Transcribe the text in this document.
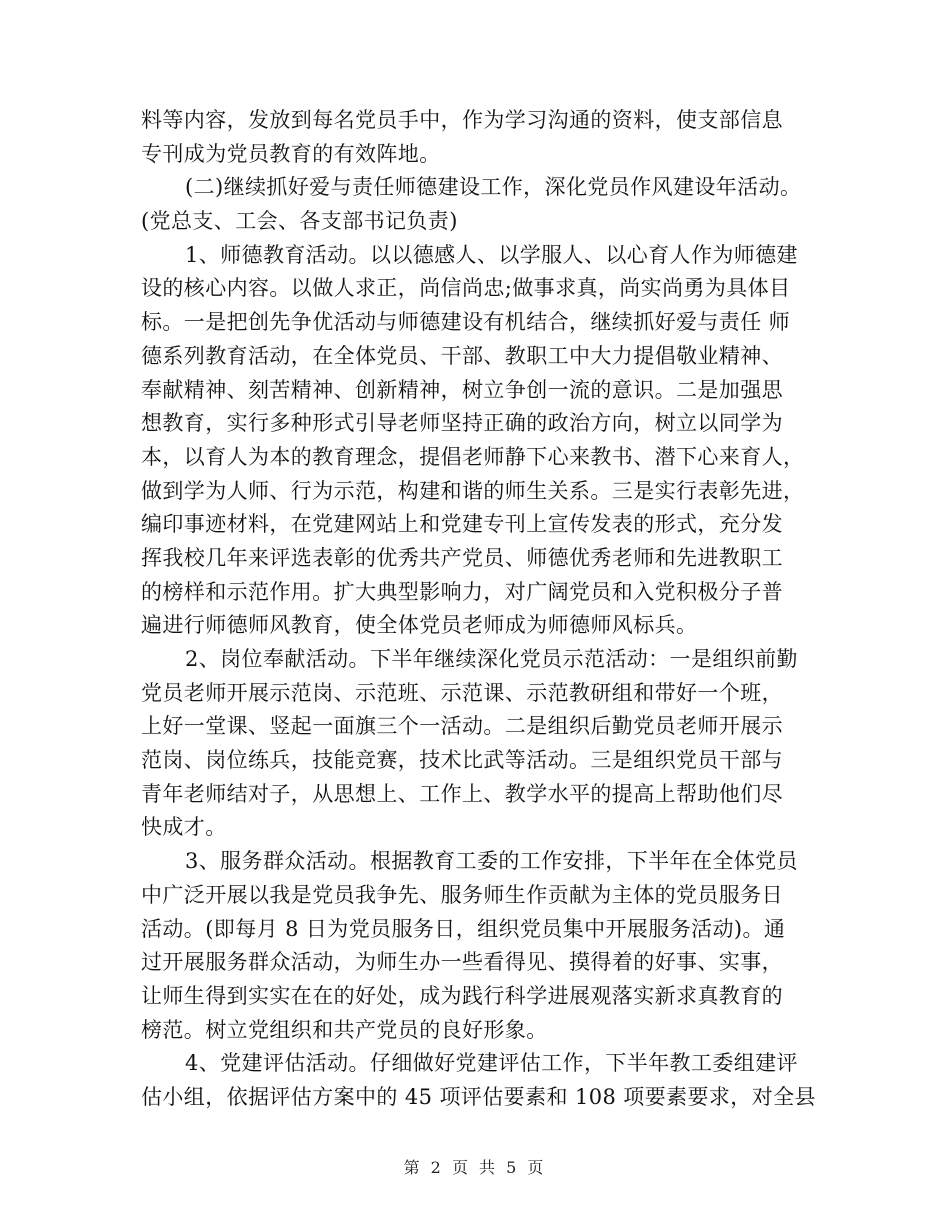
料等内容，发放到每名党员手中，作为学习沟通的资料，使支部信息
专刊成为党员教育的有效阵地。
(二)继续抓好爱与责任师德建设工作，深化党员作风建设年活动。
(党总支、工会、各支部书记负责)
1、师德教育活动。以以德感人、以学服人、以心育人作为师德建
设的核心内容。以做人求正，尚信尚忠;做事求真，尚实尚勇为具体目
标。一是把创先争优活动与师德建设有机结合，继续抓好爱与责任 师
德系列教育活动，在全体党员、干部、教职工中大力提倡敬业精神、
奉献精神、刻苦精神、创新精神，树立争创一流的意识。二是加强思
想教育，实行多种形式引导老师坚持正确的政治方向，树立以同学为
本，以育人为本的教育理念，提倡老师静下心来教书、潜下心来育人，
做到学为人师、行为示范，构建和谐的师生关系。三是实行表彰先进，
编印事迹材料，在党建网站上和党建专刊上宣传发表的形式，充分发
挥我校几年来评选表彰的优秀共产党员、师德优秀老师和先进教职工
的榜样和示范作用。扩大典型影响力，对广阔党员和入党积极分子普
遍进行师德师风教育，使全体党员老师成为师德师风标兵。
2、岗位奉献活动。下半年继续深化党员示范活动：一是组织前勤
党员老师开展示范岗、示范班、示范课、示范教研组和带好一个班，
上好一堂课、竖起一面旗三个一活动。二是组织后勤党员老师开展示
范岗、岗位练兵，技能竞赛，技术比武等活动。三是组织党员干部与
青年老师结对子，从思想上、工作上、教学水平的提高上帮助他们尽
快成才。
3、服务群众活动。根据教育工委的工作安排，下半年在全体党员
中广泛开展以我是党员我争先、服务师生作贡献为主体的党员服务日
活动。(即每月 8 日为党员服务日，组织党员集中开展服务活动)。通
过开展服务群众活动，为师生办一些看得见、摸得着的好事、实事，
让师生得到实实在在的好处，成为践行科学进展观落实新求真教育的
榜范。树立党组织和共产党员的良好形象。
4、党建评估活动。仔细做好党建评估工作，下半年教工委组建评
估小组，依据评估方案中的 45 项评估要素和 108 项要素要求，对全县
第 2 页 共 5 页
